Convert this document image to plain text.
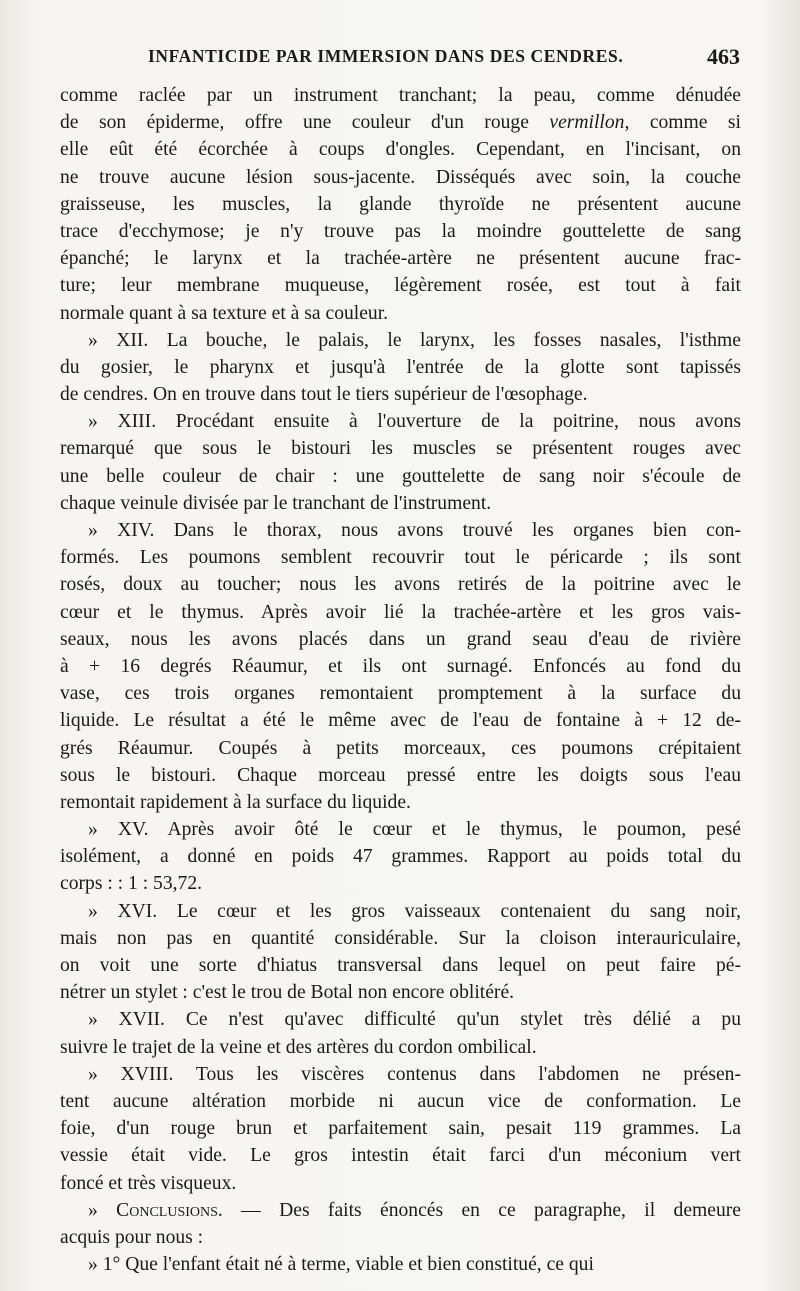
INFANTICIDE PAR IMMERSION DANS DES CENDRES.	463
comme raclée par un instrument tranchant; la peau, comme dénudée
de son épiderme, offre une couleur d'un rouge vermillon, comme si
elle eût été écorchée à coups d'ongles. Cependant, en l'incisant, on
ne trouve aucune lésion sous-jacente. Disséqués avec soin, la couche
graisseuse, les muscles, la glande thyroïde ne présentent aucune
trace d'ecchymose; je n'y trouve pas la moindre gouttelette de sang
épanché; le larynx et la trachée-artère ne présentent aucune frac-
ture; leur membrane muqueuse, légèrement rosée, est tout à fait
normale quant à sa texture et à sa couleur.
» XII. La bouche, le palais, le larynx, les fosses nasales, l'isthme
du gosier, le pharynx et jusqu'à l'entrée de la glotte sont tapissés
de cendres. On en trouve dans tout le tiers supérieur de l'œsophage.
» XIII. Procédant ensuite à l'ouverture de la poitrine, nous avons
remarqué que sous le bistouri les muscles se présentent rouges avec
une belle couleur de chair : une gouttelette de sang noir s'écoule de
chaque veinule divisée par le tranchant de l'instrument.
» XIV. Dans le thorax, nous avons trouvé les organes bien con-
formés. Les poumons semblent recouvrir tout le péricarde ; ils sont
rosés, doux au toucher; nous les avons retirés de la poitrine avec le
cœur et le thymus. Après avoir lié la trachée-artère et les gros vais-
seaux, nous les avons placés dans un grand seau d'eau de rivière
à + 16 degrés Réaumur, et ils ont surnagé. Enfoncés au fond du
vase, ces trois organes remontaient promptement à la surface du
liquide. Le résultat a été le même avec de l'eau de fontaine à + 12 de-
grés Réaumur. Coupés à petits morceaux, ces poumons crépitaient
sous le bistouri. Chaque morceau pressé entre les doigts sous l'eau
remontait rapidement à la surface du liquide.
» XV. Après avoir ôté le cœur et le thymus, le poumon, pesé
isolément, a donné en poids 47 grammes. Rapport au poids total du
corps : : 1 : 53,72.
» XVI. Le cœur et les gros vaisseaux contenaient du sang noir,
mais non pas en quantité considérable. Sur la cloison interauriculaire,
on voit une sorte d'hiatus transversal dans lequel on peut faire pé-
nétrer un stylet : c'est le trou de Botal non encore oblitéré.
» XVII. Ce n'est qu'avec difficulté qu'un stylet très délié a pu
suivre le trajet de la veine et des artères du cordon ombilical.
» XVIII. Tous les viscères contenus dans l'abdomen ne présen-
tent aucune altération morbide ni aucun vice de conformation. Le
foie, d'un rouge brun et parfaitement sain, pesait 119 grammes. La
vessie était vide. Le gros intestin était farci d'un méconium vert
foncé et très visqueux.
» Conclusions. — Des faits énoncés en ce paragraphe, il demeure
acquis pour nous :
» 1° Que l'enfant était né à terme, viable et bien constitué, ce qui
